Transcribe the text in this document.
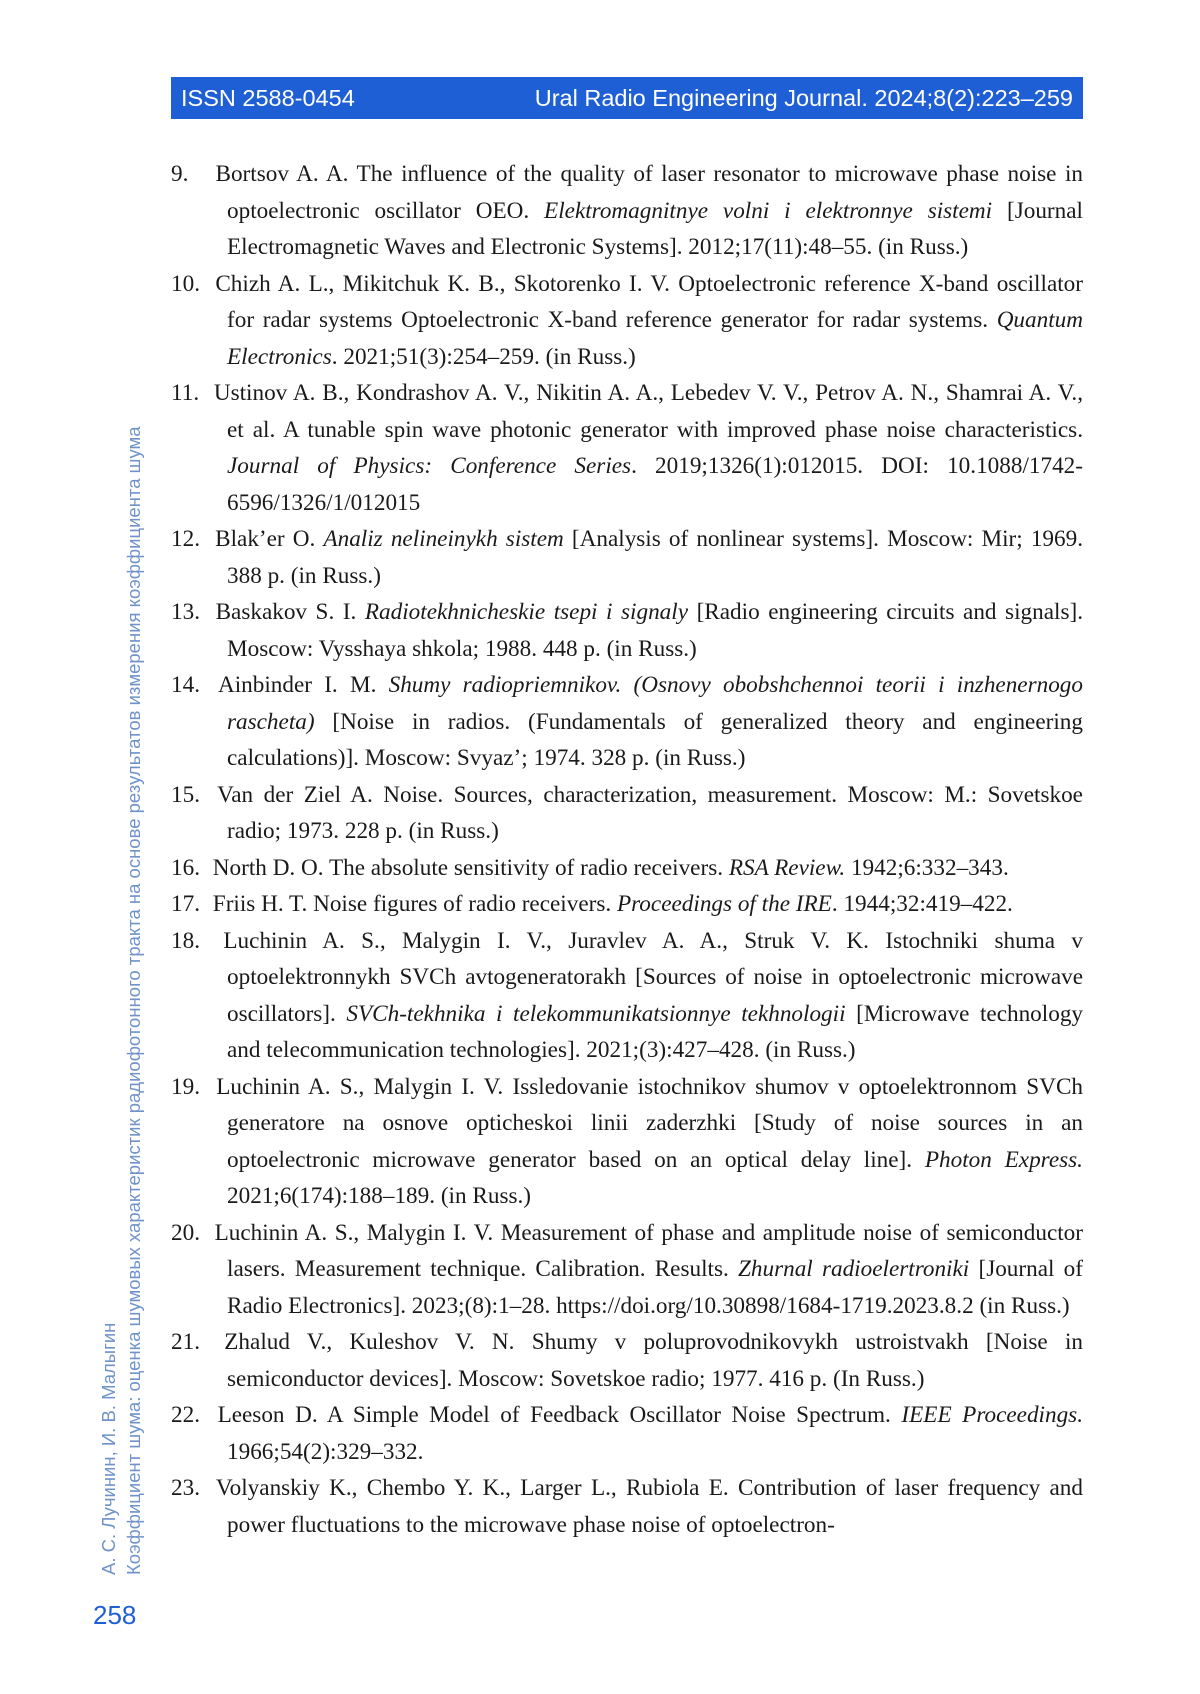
ISSN 2588-0454	Ural Radio Engineering Journal. 2024;8(2):223–259
А. С. Лучинин, И. В. Малыгин Коэффициент шума: оценка шумовых характеристик радиофотонного тракта на основе результатов измерения коэффициента шума
258
9. Bortsov A. A. The influence of the quality of laser resonator to microwave phase noise in optoelectronic oscillator OEO. Elektromagnitnye volni i elektronnye sistemi [Journal Electromagnetic Waves and Electronic Systems]. 2012;17(11):48–55. (in Russ.)
10. Chizh A. L., Mikitchuk K. B., Skotorenko I. V. Optoelectronic reference X-band oscillator for radar systems Optoelectronic X-band reference generator for radar systems. Quantum Electronics. 2021;51(3):254–259. (in Russ.)
11. Ustinov A. B., Kondrashov A. V., Nikitin A. A., Lebedev V. V., Petrov A. N., Shamrai A. V., et al. A tunable spin wave photonic generator with improved phase noise characteristics. Journal of Physics: Conference Series. 2019;1326(1):012015. DOI: 10.1088/1742-6596/1326/1/012015
12. Blak’er O. Analiz nelineinykh sistem [Analysis of nonlinear systems]. Moscow: Mir; 1969. 388 p. (in Russ.)
13. Baskakov S. I. Radiotekhnicheskie tsepi i signaly [Radio engineering circuits and signals]. Moscow: Vysshaya shkola; 1988. 448 p. (in Russ.)
14. Ainbinder I. M. Shumy radiopriemnikov. (Osnovy obobshchennoi teorii i inzhenernogo rascheta) [Noise in radios. (Fundamentals of generalized theory and engineering calculations)]. Moscow: Svyaz’; 1974. 328 p. (in Russ.)
15. Van der Ziel A. Noise. Sources, characterization, measurement. Moscow: M.: Sovetskoe radio; 1973. 228 p. (in Russ.)
16. North D. O. The absolute sensitivity of radio receivers. RSA Review. 1942;6:332–343.
17. Friis H. T. Noise figures of radio receivers. Proceedings of the IRE. 1944;32:419–422.
18. Luchinin A. S., Malygin I. V., Juravlev A. A., Struk V. K. Istochniki shuma v optoelektronnykh SVCh avtogeneratorakh [Sources of noise in optoelectronic microwave oscillators]. SVCh-tekhnika i telekommunikatsionnye tekhnologii [Microwave technology and telecommunication technologies]. 2021;(3):427–428. (in Russ.)
19. Luchinin A. S., Malygin I. V. Issledovanie istochnikov shumov v optoelektronnom SVCh generatore na osnove opticheskoi linii zaderzhki [Study of noise sources in an optoelectronic microwave generator based on an optical delay line]. Photon Express. 2021;6(174):188–189. (in Russ.)
20. Luchinin A. S., Malygin I. V. Measurement of phase and amplitude noise of semiconductor lasers. Measurement technique. Calibration. Results. Zhurnal radioelertroniki [Journal of Radio Electronics]. 2023;(8):1–28. https://doi.org/10.30898/1684-1719.2023.8.2 (in Russ.)
21. Zhalud V., Kuleshov V. N. Shumy v poluprovodnikovykh ustroistvakh [Noise in semiconductor devices]. Moscow: Sovetskoe radio; 1977. 416 p. (In Russ.)
22. Leeson D. A Simple Model of Feedback Oscillator Noise Spectrum. IEEE Proceedings. 1966;54(2):329–332.
23. Volyanskiy K., Chembo Y. K., Larger L., Rubiola E. Contribution of laser frequency and power fluctuations to the microwave phase noise of optoelectron-
